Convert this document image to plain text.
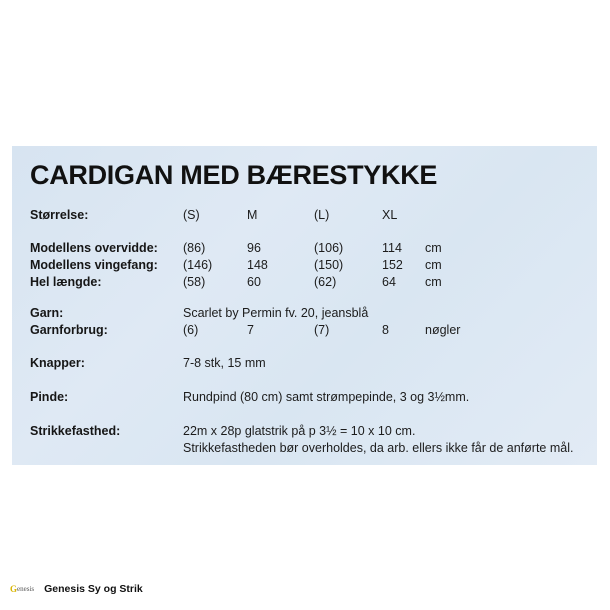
CARDIGAN MED BÆRESTYKKE
Størrelse:	(S)	M	(L)	XL
Modellens overvidde: (86)	96	(106)	114 cm
Modellens vingefang: (146)	148	(150)	152 cm
Hel længde:	(58)	60	(62)	64 cm
Garn:	Scarlet by Permin fv. 20, jeansblå
Garnforbrug:	(6)	7	(7)	8	nøgler
Knapper:	7-8 stk, 15 mm
Pinde:	Rundpind (80 cm) samt strømpepinde, 3 og 3½mm.
Strikkefasthed:	22m x 28p glatstrik på p 3½ = 10 x 10 cm.
Strikkefastheden bør overholdes, da arb. ellers ikke får de anførte mål.
G enesis Genesis Sy og Strik
